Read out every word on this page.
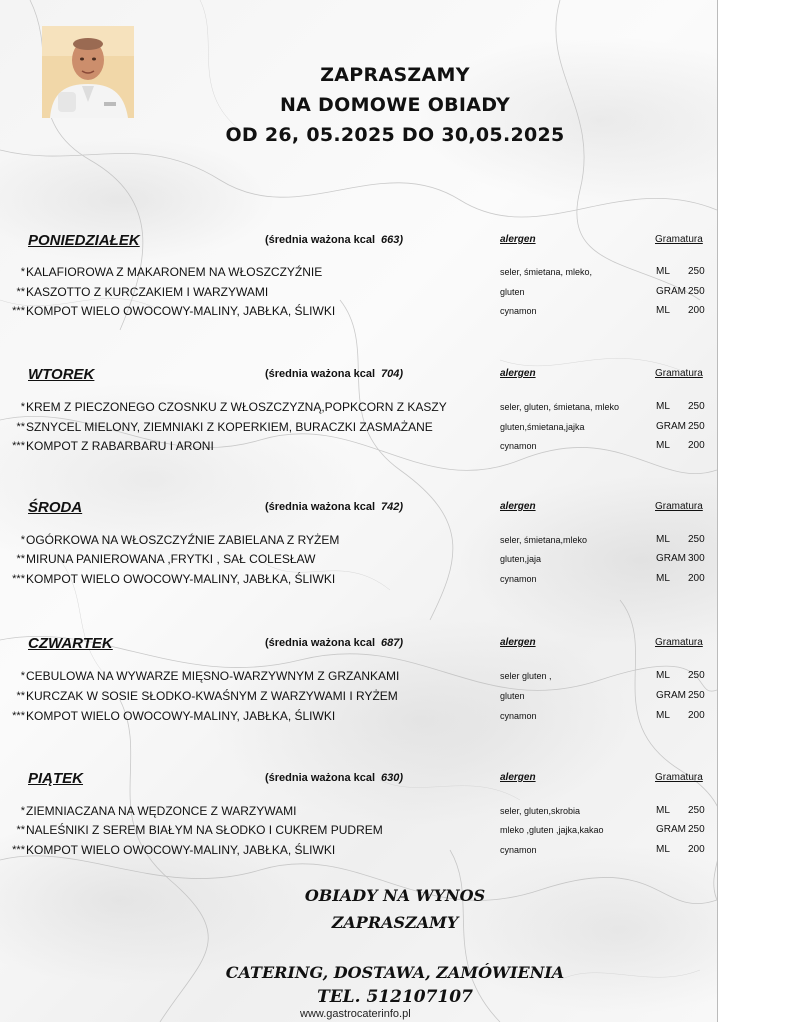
ZAPRASZAMY
NA DOMOWE OBIADY
OD 26, 05.2025 DO 30,05.2025
PONIEDZIAŁEK	(średnia ważona kcal 663)	alergen	Gramatura
* KALAFIOROWA Z MAKARONEM NA WŁOSZCZYŹNIE	seler, śmietana, mleko,	ML 250
** KASZOTTO Z KURCZAKIEM I WARZYWAMI	gluten	GRAM 250
*** KOMPOT WIELO OWOCOWY-MALINY, JABŁKA, ŚLIWKI	cynamon	ML 200
WTOREK	(średnia ważona kcal 704)	alergen	Gramatura
* KREM Z PIECZONEGO CZOSNKU Z WŁOSZCZYZNĄ,POPKCORN Z KASZY	seler, gluten, śmietana, mleko	ML 250
** SZNYCEL MIELONY, ZIEMNIAKI Z KOPERKIEM, BURACZKI ZASMAŻANE	gluten,śmietana,jajka	GRAM 250
*** KOMPOT Z RABARBARU I ARONI	cynamon	ML 200
ŚRODA	(średnia ważona kcal 742)	alergen	Gramatura
* OGÓRKOWA NA WŁOSZCZYŹNIE ZABIELANA Z RYŻEM	seler, śmietana,mleko	ML 250
** MIRUNA PANIEROWANA ,FRYTKI , SAŁ COLESŁAW	gluten,jaja	GRAM 300
*** KOMPOT WIELO OWOCOWY-MALINY, JABŁKA, ŚLIWKI	cynamon	ML 200
CZWARTEK	(średnia ważona kcal 687)	alergen	Gramatura
* CEBULOWA NA WYWARZE MIĘSNO-WARZYWNYM Z GRZANKAMI	seler gluten ,	ML 250
** KURCZAK W SOSIE SŁODKO-KWAŚNYM Z WARZYWAMI I RYŻEM	gluten	GRAM 250
*** KOMPOT WIELO OWOCOWY-MALINY, JABŁKA, ŚLIWKI	cynamon	ML 200
PIĄTEK	(średnia ważona kcal 630)	alergen	Gramatura
* ZIEMNIACZANA NA WĘDZONCE Z WARZYWAMI	seler, gluten,skrobia	ML 250
** NALEŚNIKI Z SEREM BIAŁYM NA SŁODKO I CUKREM PUDREM	mleko ,gluten ,jajka,kakao	GRAM 250
*** KOMPOT WIELO OWOCOWY-MALINY, JABŁKA, ŚLIWKI	cynamon	ML 200
OBIADY NA WYNOS
ZAPRASZAMY
CATERING, DOSTAWA, ZAMÓWIENIA
TEL. 512107107
www.gastrocaterinfo.pl
